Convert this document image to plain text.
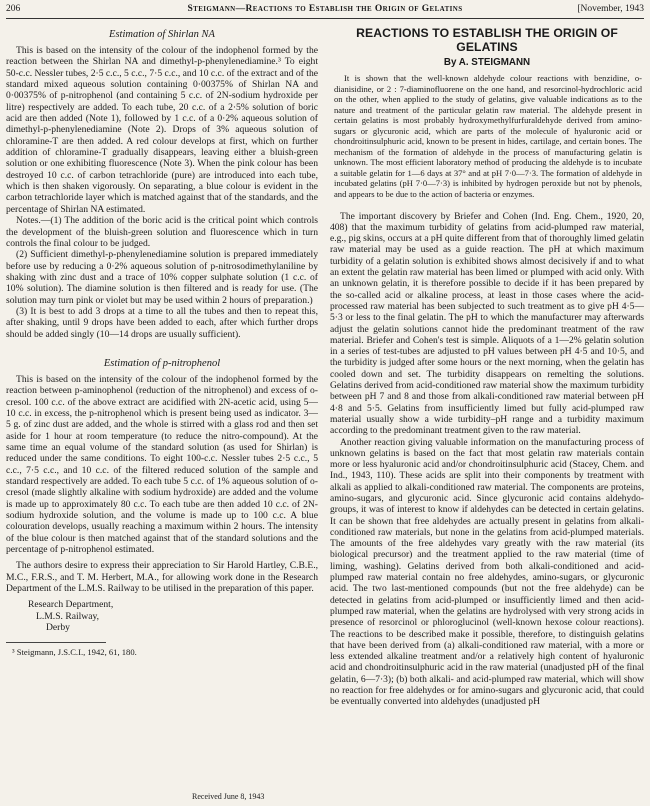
206	Steigmann—Reactions to Establish the Origin of Gelatins	[November, 1943
Estimation of Shirlan NA

This is based on the intensity of the colour of the indophenol formed by the reaction between the Shirlan NA and dimethyl-p-phenylenediamine.³ To eight 50-c.c. Nessler tubes, 2·5 c.c., 5 c.c., 7·5 c.c., and 10 c.c. of the extract and of the standard mixed aqueous solution containing 0·00375% of Shirlan NA and 0·00375% of p-nitrophenol (and containing 5 c.c. of 2N-sodium hydroxide per litre) respectively are added. To each tube, 20 c.c. of a 2·5% solution of boric acid are then added (Note 1), followed by 1 c.c. of a 0·2% aqueous solution of dimethyl-p-phenylenediamine (Note 2). Drops of 3% aqueous solution of chloramine-T are then added. A red colour develops at first, which on further addition of chloramine-T gradually disappears, leaving either a bluish-green solution or one exhibiting fluorescence (Note 3). When the pink colour has been destroyed 10 c.c. of carbon tetrachloride (pure) are introduced into each tube, which is then shaken vigorously. On separating, a blue colour is evident in the carbon tetrachloride layer which is matched against that of the standards, and the percentage of Shirlan NA estimated.

Notes.—(1) The addition of the boric acid is the critical point which controls the development of the bluish-green solution and fluorescence which in turn controls the final colour to be judged.

(2) Sufficient dimethyl-p-phenylenediamine solution is prepared immediately before use by reducing a 0·2% aqueous solution of p-nitrosodimethylaniline by shaking with zinc dust and a trace of 10% copper sulphate solution (1 c.c. of 10% solution). The diamine solution is then filtered and is ready for use. (The solution may turn pink or violet but may be used within 2 hours of preparation.)

(3) It is best to add 3 drops at a time to all the tubes and then to repeat this, after shaking, until 9 drops have been added to each, after which further drops should be added singly (10—14 drops are usually sufficient).

Estimation of p-nitrophenol

This is based on the intensity of the colour of the indophenol formed by the reaction between p-aminophenol (reduction of the nitrophenol) and excess of o-cresol. 100 c.c. of the above extract are acidified with 2N-acetic acid, using 5—10 c.c. in excess, the p-nitrophenol which is present being used as indicator. 3—5 g. of zinc dust are added, and the whole is stirred with a glass rod and then set aside for 1 hour at room temperature (to reduce the nitro-compound). At the same time an equal volume of the standard solution (as used for Shirlan) is reduced under the same conditions. To eight 100-c.c. Nessler tubes 2·5 c.c., 5 c.c., 7·5 c.c., and 10 c.c. of the filtered reduced solution of the sample and standard respectively are added. To each tube 5 c.c. of 1% aqueous solution of o-cresol (made slightly alkaline with sodium hydroxide) are added and the volume is made up to approximately 80 c.c. To each tube are then added 10 c.c. of 2N-sodium hydroxide solution, and the volume is made up to 100 c.c. A blue colouration develops, usually reaching a maximum within 2 hours. The intensity of the blue colour is then matched against that of the standard solutions and the percentage of p-nitrophenol estimated.

The authors desire to express their appreciation to Sir Harold Hartley, C.B.E., M.C., F.R.S., and T. M. Herbert, M.A., for allowing work done in the Research Department of the L.M.S. Railway to be utilised in the preparation of this paper.

Research Department,
L.M.S. Railway,
Derby
³ Steigmann, J.S.C.I., 1942, 61, 180.
Received June 8, 1943
REACTIONS TO ESTABLISH THE ORIGIN OF GELATINS
By A. STEIGMANN

It is shown that the well-known aldehyde colour reactions with benzidine, o-dianisidine, or 2 : 7-diaminofluorene on the one hand, and resorcinol-hydrochloric acid on the other, when applied to the study of gelatins, give valuable indications as to the nature and treatment of the particular gelatin raw material. The aldehyde present in certain gelatins is most probably hydroxymethylfurfuraldehyde derived from amino-sugars or glycuronic acid, which are parts of the molecule of hyaluronic acid or chondroitinsulphuric acid, known to be present in hides, cartilage, and certain bones. The mechanism of the formation of aldehyde in the process of manufacturing gelatin is unknown. The most efficient laboratory method of producing the aldehyde is to incubate a suitable gelatin for 1—6 days at 37° and at pH 7·0—7·3. The formation of aldehyde in incubated gelatins (pH 7·0—7·3) is inhibited by hydrogen peroxide but not by phenols, and appears to be due to the action of bacteria or enzymes.

The important discovery by Briefer and Cohen (Ind. Eng. Chem., 1920, 20, 408) that the maximum turbidity of gelatins from acid-plumped raw material, e.g., pig skins, occurs at a pH quite different from that of thoroughly limed gelatin raw material may be used as a guide reaction. The pH at which maximum turbidity of a gelatin solution is exhibited shows almost decisively if and to what an extent the gelatin raw material has been limed or plumped with acid only. With an unknown gelatin, it is therefore possible to decide if it has been prepared by the so-called acid or alkaline process, at least in those cases where the acid-processed raw material has been subjected to such treatment as to give pH 4·5—5·3 or less to the final gelatin. The pH to which the manufacturer may afterwards adjust the gelatin solutions cannot hide the predominant treatment of the raw material. Briefer and Cohen's test is simple. Aliquots of a 1—2% gelatin solution in a series of test-tubes are adjusted to pH values between pH 4·5 and 10·5, and the turbidity is judged after some hours or the next morning, when the gelatin has cooled down and set. The turbidity disappears on remelting the solutions. Gelatins derived from acid-conditioned raw material show the maximum turbidity between pH 7 and 8 and those from alkali-conditioned raw material between pH 4·8 and 5·5. Gelatins from insufficiently limed but fully acid-plumped raw material usually show a wide turbidity–pH range and a turbidity maximum according to the predominant treatment given to the raw material.

Another reaction giving valuable information on the manufacturing process of unknown gelatins is based on the fact that most gelatin raw materials contain more or less hyaluronic acid and/or chondroitinsulphuric acid (Stacey, Chem. and Ind., 1943, 110). These acids are split into their components by treatment with alkali as applied to alkali-conditioned raw material. The components are proteins, amino-sugars, and glycuronic acid. Since glycuronic acid contains aldehydo-groups, it was of interest to know if aldehydes can be detected in certain gelatins. It can be shown that free aldehydes are actually present in gelatins from alkali-conditioned raw materials, but none in the gelatins from acid-plumped materials. The amounts of the free aldehydes vary greatly with the raw material (its biological precursor) and the treatment applied to the raw material (time of liming, washing). Gelatins derived from both alkali-conditioned and acid-plumped raw material contain no free aldehydes, amino-sugars, or glycuronic acid. The two last-mentioned compounds (but not the free aldehyde) can be detected in gelatins from acid-plumped or insufficiently limed and then acid-plumped raw material, when the gelatins are hydrolysed with very strong acids in presence of resorcinol or phloroglucinol (well-known hexose colour reactions). The reactions to be described make it possible, therefore, to distinguish gelatins that have been derived from (a) alkali-conditioned raw material, with a more or less extended alkaline treatment and/or a relatively high content of hyaluronic acid and chondroitinsulphuric acid in the raw material (unadjusted pH of the final gelatin, 6—7·3); (b) both alkali- and acid-plumped raw material, which will show no reaction for free aldehydes or for amino-sugars and glycuronic acid, that could be eventually converted into aldehydes (unadjusted pH
